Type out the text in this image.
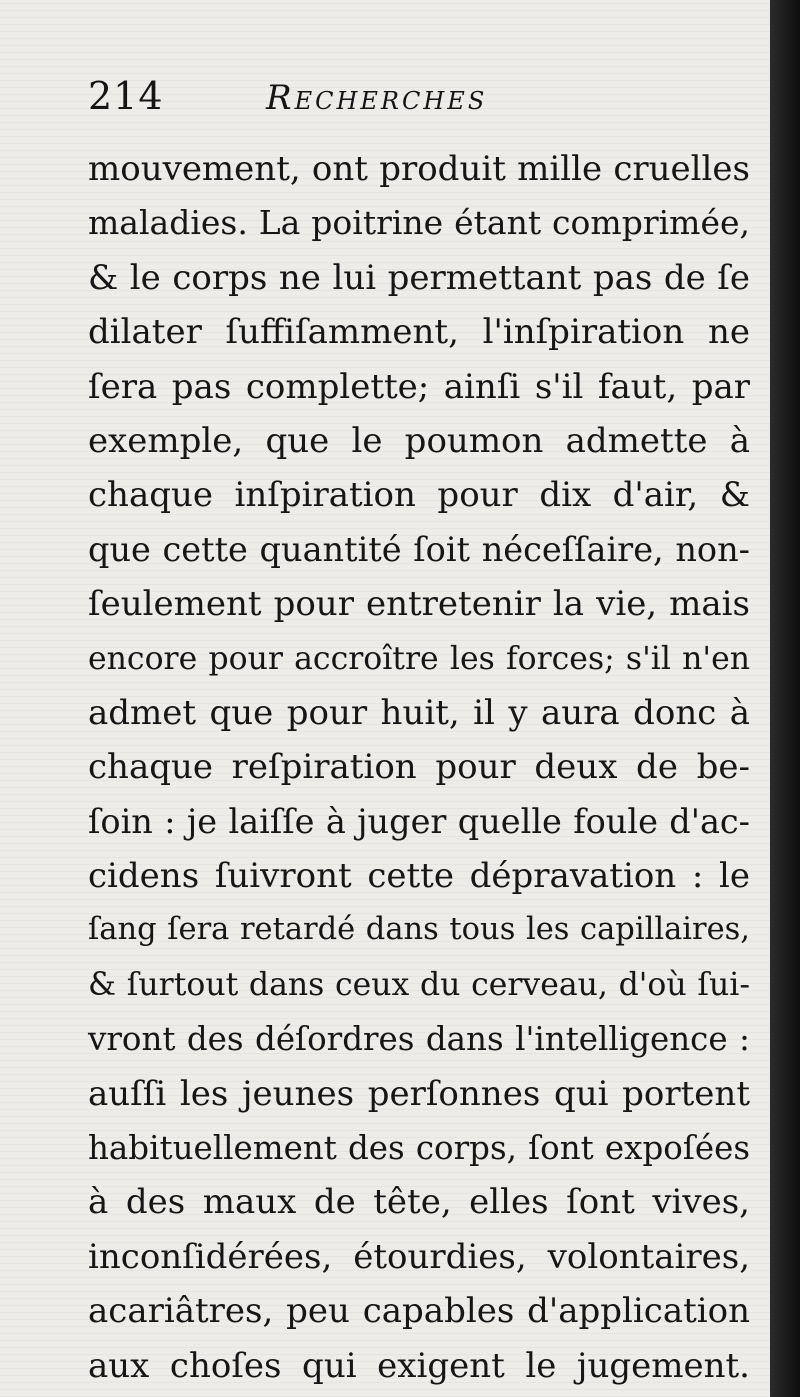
214	Recherches
mouvement, ont produit mille cruelles
maladies. La poitrine étant comprimée,
& le corps ne lui permettant pas de ſe
dilater ſuffiſamment, l'inſpiration ne
ſera pas complette; ainſi s'il faut, par
exemple, que le poumon admette à
chaque inſpiration pour dix d'air, &
que cette quantité ſoit néceſſaire, non-
ſeulement pour entretenir la vie, mais
encore pour accroître les forces; s'il n'en
admet que pour huit, il y aura donc à
chaque reſpiration pour deux de be-
ſoin : je laiſſe à juger quelle foule d'ac-
cidens ſuivront cette dépravation : le
ſang ſera retardé dans tous les capillaires,
& ſurtout dans ceux du cerveau, d'où ſui-
vront des déſordres dans l'intelligence :
auſſi les jeunes perſonnes qui portent
habituellement des corps, ſont expoſées
à des maux de tête, elles ſont vives,
inconſidérées, étourdies, volontaires,
acariâtres, peu capables d'application
aux choſes qui exigent le jugement.
